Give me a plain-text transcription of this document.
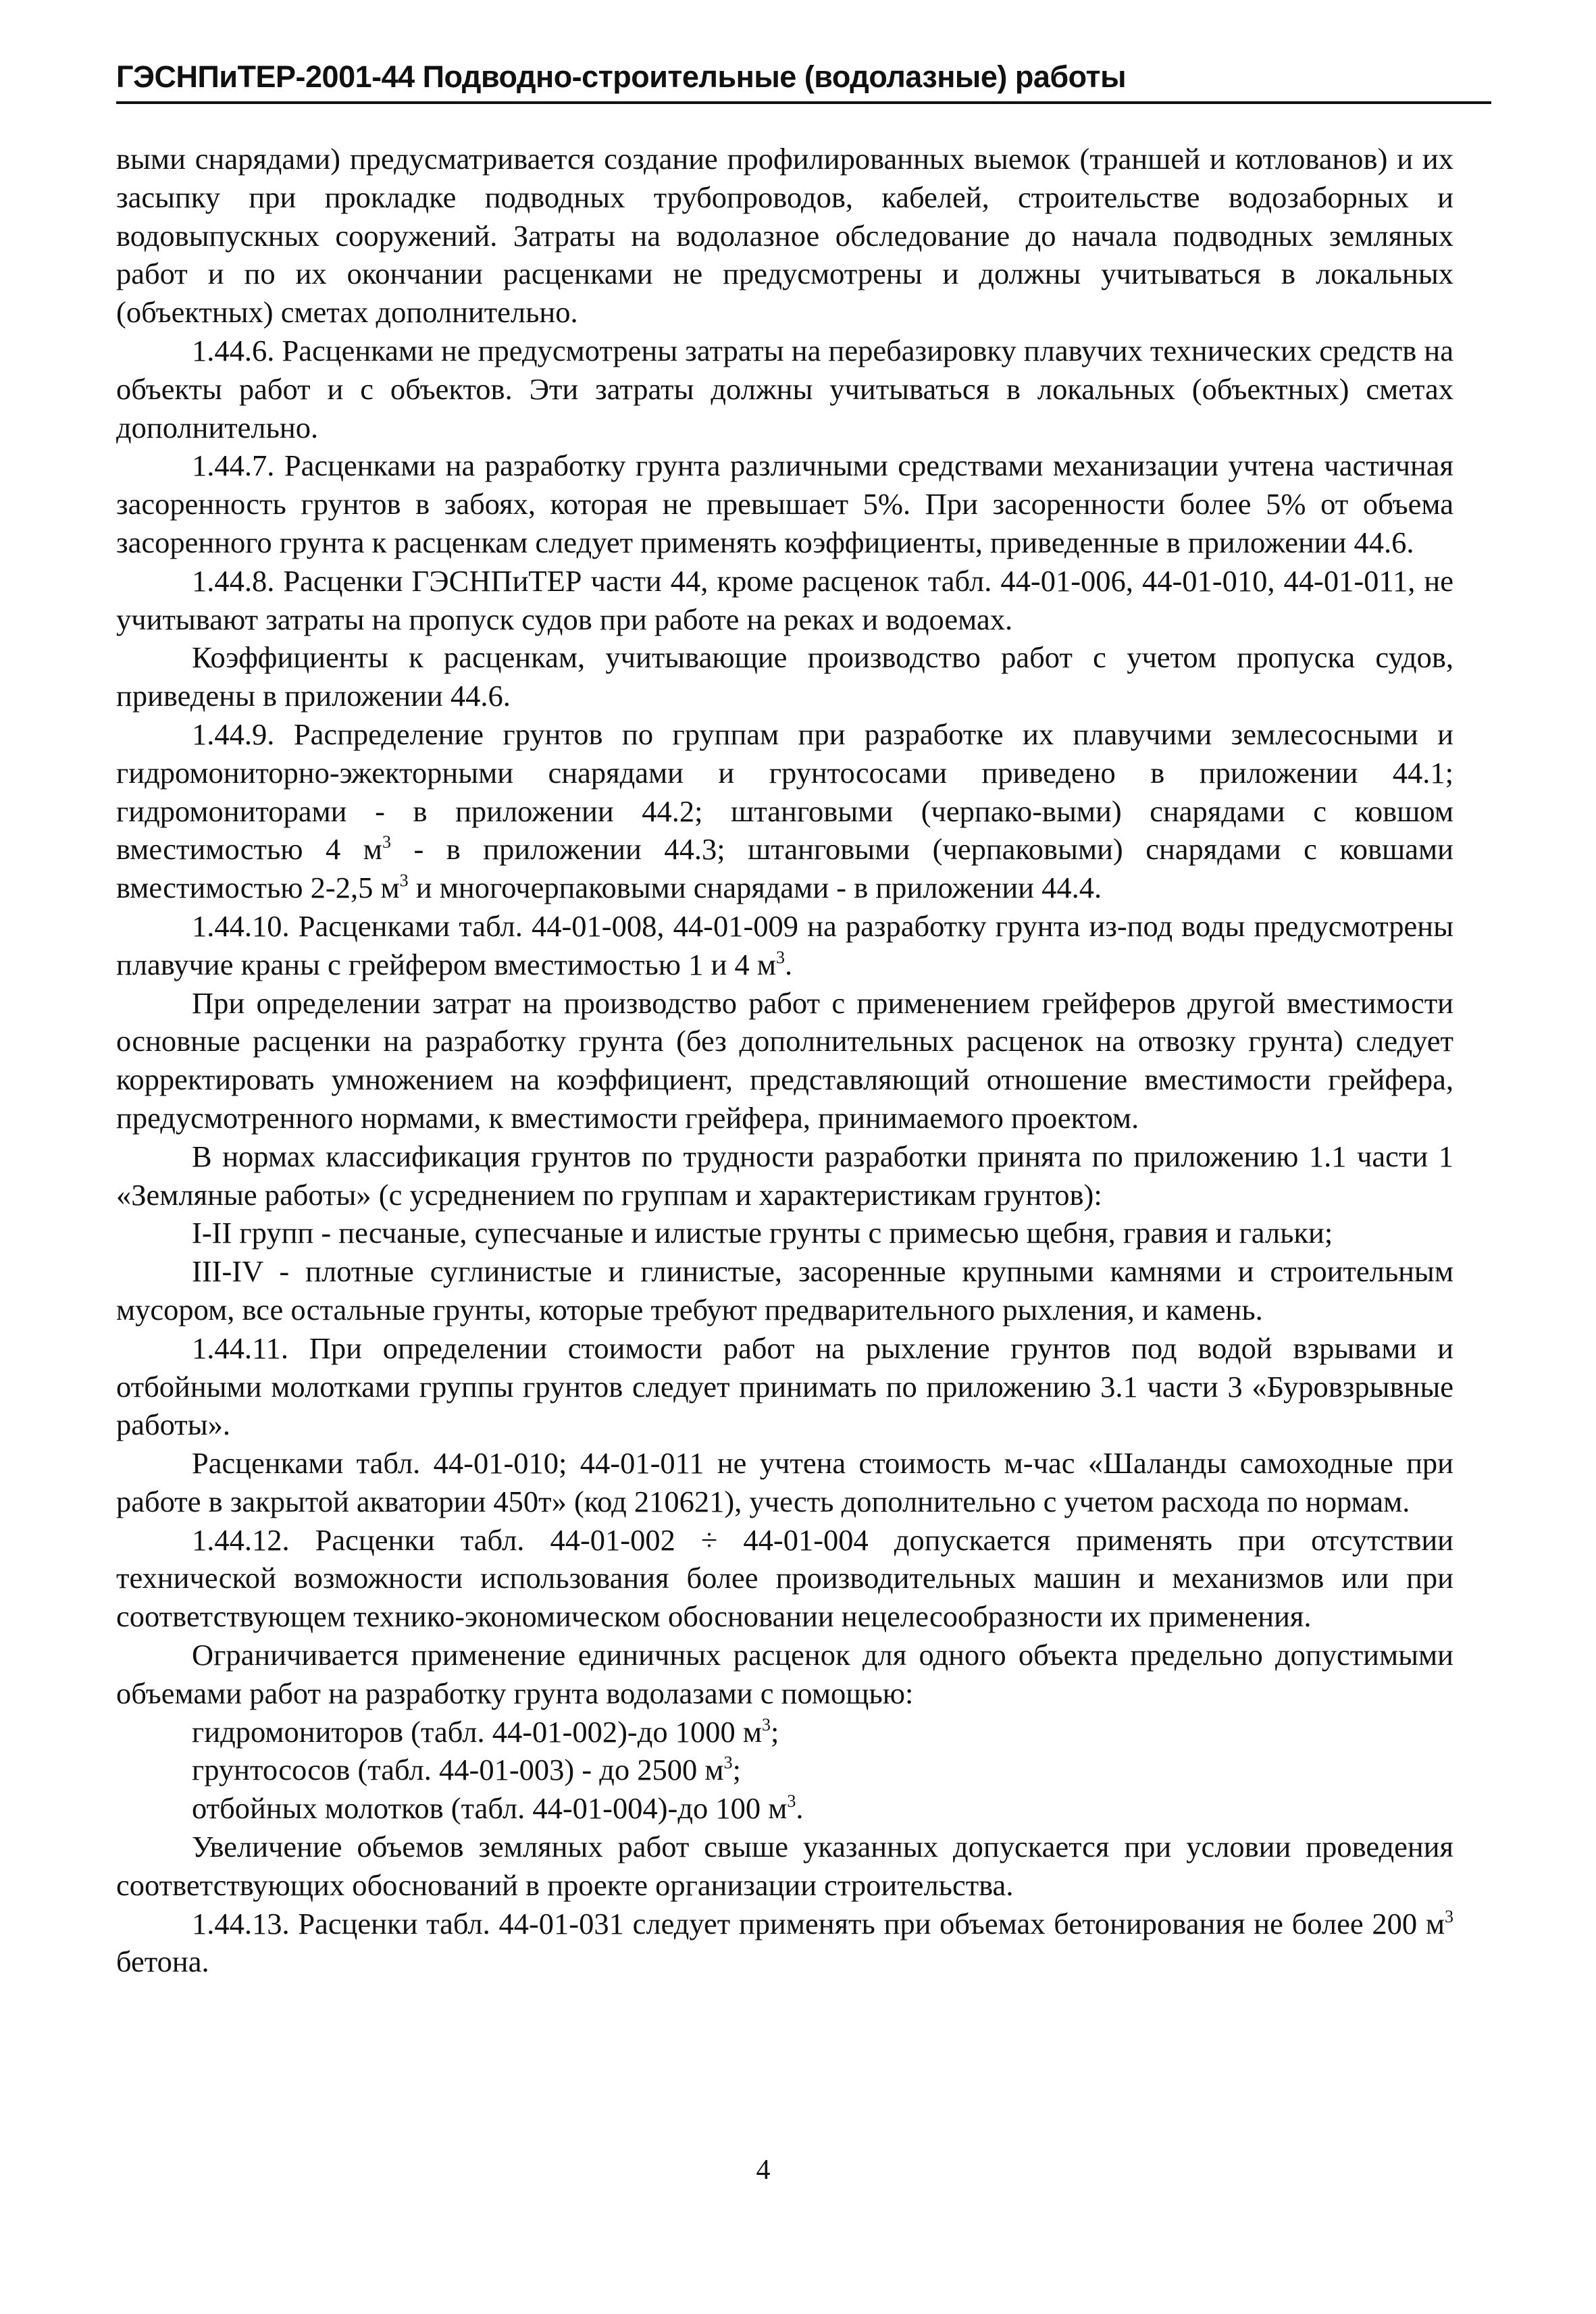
ГЭСНПиТЕР-2001-44 Подводно-строительные (водолазные) работы

выми снарядами) предусматривается создание профилированных выемок (траншей и котлованов) и их засыпку при прокладке подводных трубопроводов, кабелей, строительстве водозаборных и водовыпускных сооружений. Затраты на водолазное обследование до начала подводных земляных работ и по их окончании расценками не предусмотрены и должны учитываться в локальных (объектных) сметах дополнительно.

1.44.6. Расценками не предусмотрены затраты на перебазировку плавучих технических средств на объекты работ и с объектов. Эти затраты должны учитываться в локальных (объектных) сметах дополнительно.

1.44.7. Расценками на разработку грунта различными средствами механизации учтена частичная засоренность грунтов в забоях, которая не превышает 5%. При засоренности более 5% от объема засоренного грунта к расценкам следует применять коэффициенты, приведенные в приложении 44.6.

1.44.8. Расценки ГЭСНПиТЕР части 44, кроме расценок табл. 44-01-006, 44-01-010, 44-01-011, не учитывают затраты на пропуск судов при работе на реках и водоемах.

Коэффициенты к расценкам, учитывающие производство работ с учетом пропуска судов, приведены в приложении 44.6.

1.44.9. Распределение грунтов по группам при разработке их плавучими землесосными и гидромониторно-эжекторными снарядами и грунтососами приведено в приложении 44.1; гидромониторами - в приложении 44.2; штанговыми (черпако-выми) снарядами с ковшом вместимостью 4 $м^3$ - в приложении 44.3; штанговыми (черпаковыми) снарядами с ковшами вместимостью 2-2,5 $м^3$ и многочерпаковыми снарядами - в приложении 44.4.

1.44.10. Расценками табл. 44-01-008, 44-01-009 на разработку грунта из-под воды предусмотрены плавучие краны с грейфером вместимостью 1 и 4 $м^3$.

При определении затрат на производство работ с применением грейферов другой вместимости основные расценки на разработку грунта (без дополнительных расценок на отвозку грунта) следует корректировать умножением на коэффициент, представляющий отношение вместимости грейфера, предусмотренного нормами, к вместимости грейфера, принимаемого проектом.

В нормах классификация грунтов по трудности разработки принята по приложению 1.1 части 1 «Земляные работы» (с усреднением по группам и характеристикам грунтов):

I-II групп - песчаные, супесчаные и илистые грунты с примесью щебня, гравия и гальки;

III-IV - плотные суглинистые и глинистые, засоренные крупными камнями и строительным мусором, все остальные грунты, которые требуют предварительного рыхления, и камень.

1.44.11. При определении стоимости работ на рыхление грунтов под водой взрывами и отбойными молотками группы грунтов следует принимать по приложению 3.1 части 3 «Буровзрывные работы».

Расценками табл. 44-01-010; 44-01-011 не учтена стоимость м-час «Шаланды самоходные при работе в закрытой акватории 450т» (код 210621), учесть дополнительно с учетом расхода по нормам.

1.44.12. Расценки табл. 44-01-002 ÷ 44-01-004 допускается применять при отсутствии технической возможности использования более производительных машин и механизмов или при соответствующем технико-экономическом обосновании нецелесообразности их применения.

Ограничивается применение единичных расценок для одного объекта предельно допустимыми объемами работ на разработку грунта водолазами с помощью:

гидромониторов (табл. 44-01-002)-до 1000 $м^3$;

грунтососов (табл. 44-01-003) - до 2500 $м^3$;

отбойных молотков (табл. 44-01-004)-до 100 $м^3$.

Увеличение объемов земляных работ свыше указанных допускается при условии проведения соответствующих обоснований в проекте организации строительства.

1.44.13. Расценки табл. 44-01-031 следует применять при объемах бетонирования не более 200 $м^3$ бетона.

4
